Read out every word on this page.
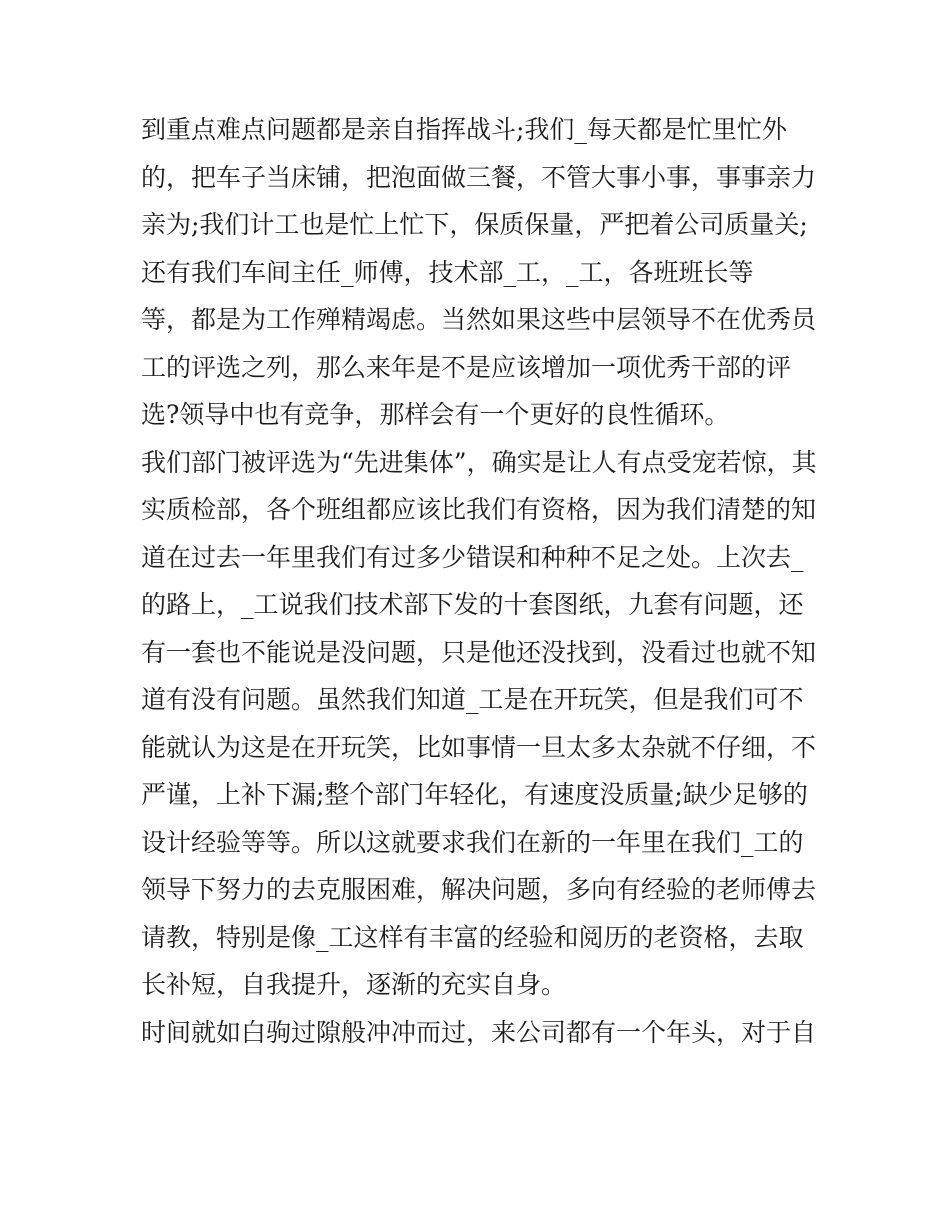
到重点难点问题都是亲自指挥战斗;我们_每天都是忙里忙外

的，把车子当床铺，把泡面做三餐，不管大事小事，事事亲力

亲为;我们计工也是忙上忙下，保质保量，严把着公司质量关;

还有我们车间主任_师傅，技术部_工，_工，各班班长等

等，都是为工作殚精竭虑。当然如果这些中层领导不在优秀员

工的评选之列，那么来年是不是应该增加一项优秀干部的评

选?领导中也有竞争，那样会有一个更好的良性循环。

我们部门被评选为“先进集体”，确实是让人有点受宠若惊，其

实质检部，各个班组都应该比我们有资格，因为我们清楚的知

道在过去一年里我们有过多少错误和种种不足之处。上次去_

的路上，_工说我们技术部下发的十套图纸，九套有问题，还

有一套也不能说是没问题，只是他还没找到，没看过也就不知

道有没有问题。虽然我们知道_工是在开玩笑，但是我们可不

能就认为这是在开玩笑，比如事情一旦太多太杂就不仔细，不

严谨，上补下漏;整个部门年轻化，有速度没质量;缺少足够的

设计经验等等。所以这就要求我们在新的一年里在我们_工的

领导下努力的去克服困难，解决问题，多向有经验的老师傅去

请教，特别是像_工这样有丰富的经验和阅历的老资格，去取

长补短，自我提升，逐渐的充实自身。

时间就如白驹过隙般冲冲而过，来公司都有一个年头，对于自
